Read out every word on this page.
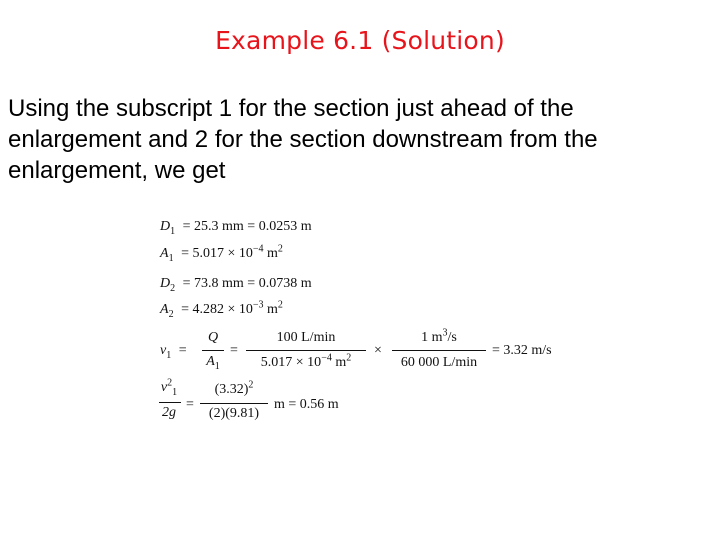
Example 6.1 (Solution)

Using the subscript 1 for the section just ahead of the enlargement and 2 for the section downstream from the enlargement, we get

$D_1 = 25.3$ mm = 0.0253 m
$A_1 = 5.017 \times 10^{-4}$ $m^2$
$D_2 = 73.8$ mm = 0.0738 m
$A_2 = 4.282 \times 10^{-3}$ $m^2$
$v_1$ =
Q
$A_1$
=
100 L/min
$5.017 \times 10^{-4}$ $m^2$	×
1 $m^3/s$
60 000 L/min
= 3.32 m/s
$v^2_1$
2g
=
$(3.32)^2$
(2)(9.81)
m = 0.56 m
